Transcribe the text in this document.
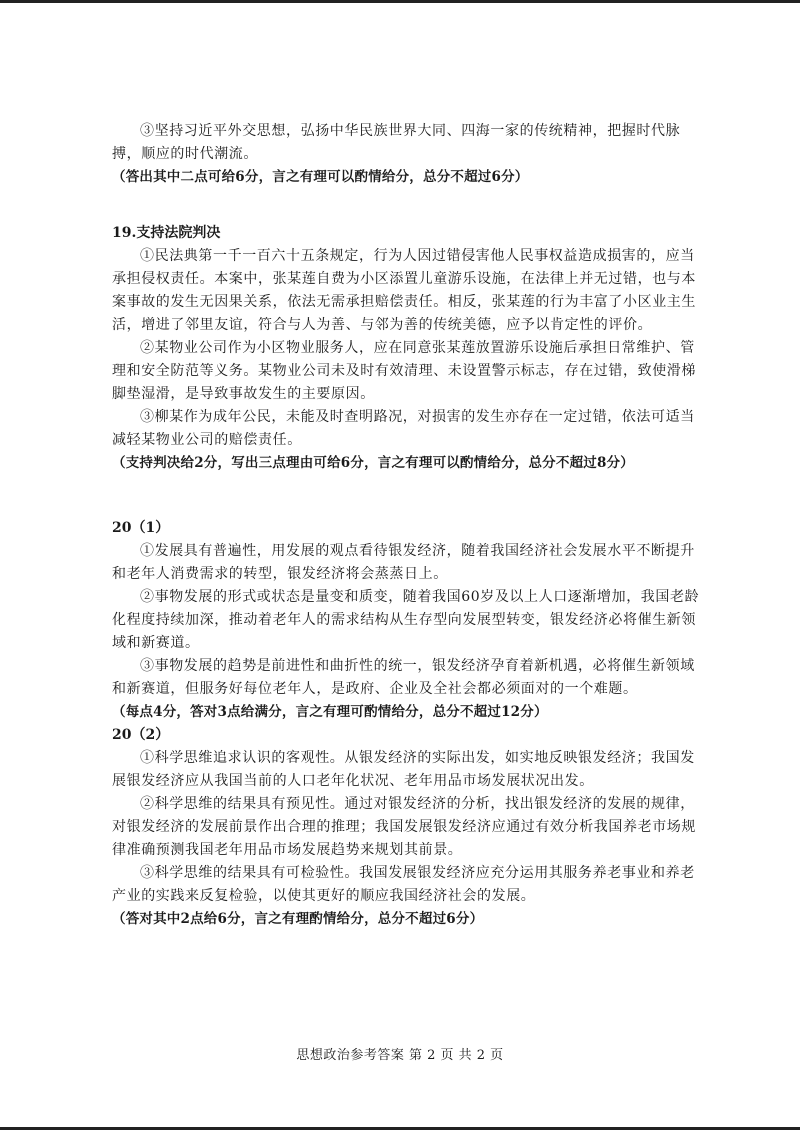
③坚持习近平外交思想，弘扬中华民族世界大同、四海一家的传统精神，把握时代脉搏，顺应的时代潮流。

（答出其中二点可给6分，言之有理可以酌情给分，总分不超过6分）

19.支持法院判决

①民法典第一千一百六十五条规定，行为人因过错侵害他人民事权益造成损害的，应当承担侵权责任。本案中，张某莲自费为小区添置儿童游乐设施，在法律上并无过错，也与本案事故的发生无因果关系，依法无需承担赔偿责任。相反，张某莲的行为丰富了小区业主生活，增进了邻里友谊，符合与人为善、与邻为善的传统美德，应予以肯定性的评价。

②某物业公司作为小区物业服务人，应在同意张某莲放置游乐设施后承担日常维护、管理和安全防范等义务。某物业公司未及时有效清理、未设置警示标志，存在过错，致使滑梯脚垫湿滑，是导致事故发生的主要原因。

③柳某作为成年公民，未能及时查明路况，对损害的发生亦存在一定过错，依法可适当减轻某物业公司的赔偿责任。

（支持判决给2分，写出三点理由可给6分，言之有理可以酌情给分，总分不超过8分）

20（1）

①发展具有普遍性，用发展的观点看待银发经济，随着我国经济社会发展水平不断提升和老年人消费需求的转型，银发经济将会蒸蒸日上。

②事物发展的形式或状态是量变和质变，随着我国60岁及以上人口逐渐增加，我国老龄化程度持续加深，推动着老年人的需求结构从生存型向发展型转变，银发经济必将催生新领域和新赛道。

③事物发展的趋势是前进性和曲折性的统一，银发经济孕育着新机遇，必将催生新领域和新赛道，但服务好每位老年人，是政府、企业及全社会都必须面对的一个难题。

（每点4分，答对3点给满分，言之有理可酌情给分，总分不超过12分）

20（2）

①科学思维追求认识的客观性。从银发经济的实际出发，如实地反映银发经济；我国发展银发经济应从我国当前的人口老年化状况、老年用品市场发展状况出发。

②科学思维的结果具有预见性。通过对银发经济的分析，找出银发经济的发展的规律，对银发经济的发展前景作出合理的推理；我国发展银发经济应通过有效分析我国养老市场规律准确预测我国老年用品市场发展趋势来规划其前景。

③科学思维的结果具有可检验性。我国发展银发经济应充分运用其服务养老事业和养老产业的实践来反复检验，以使其更好的顺应我国经济社会的发展。

（答对其中2点给6分，言之有理酌情给分，总分不超过6分）

思想政治参考答案 第 2 页 共 2 页
